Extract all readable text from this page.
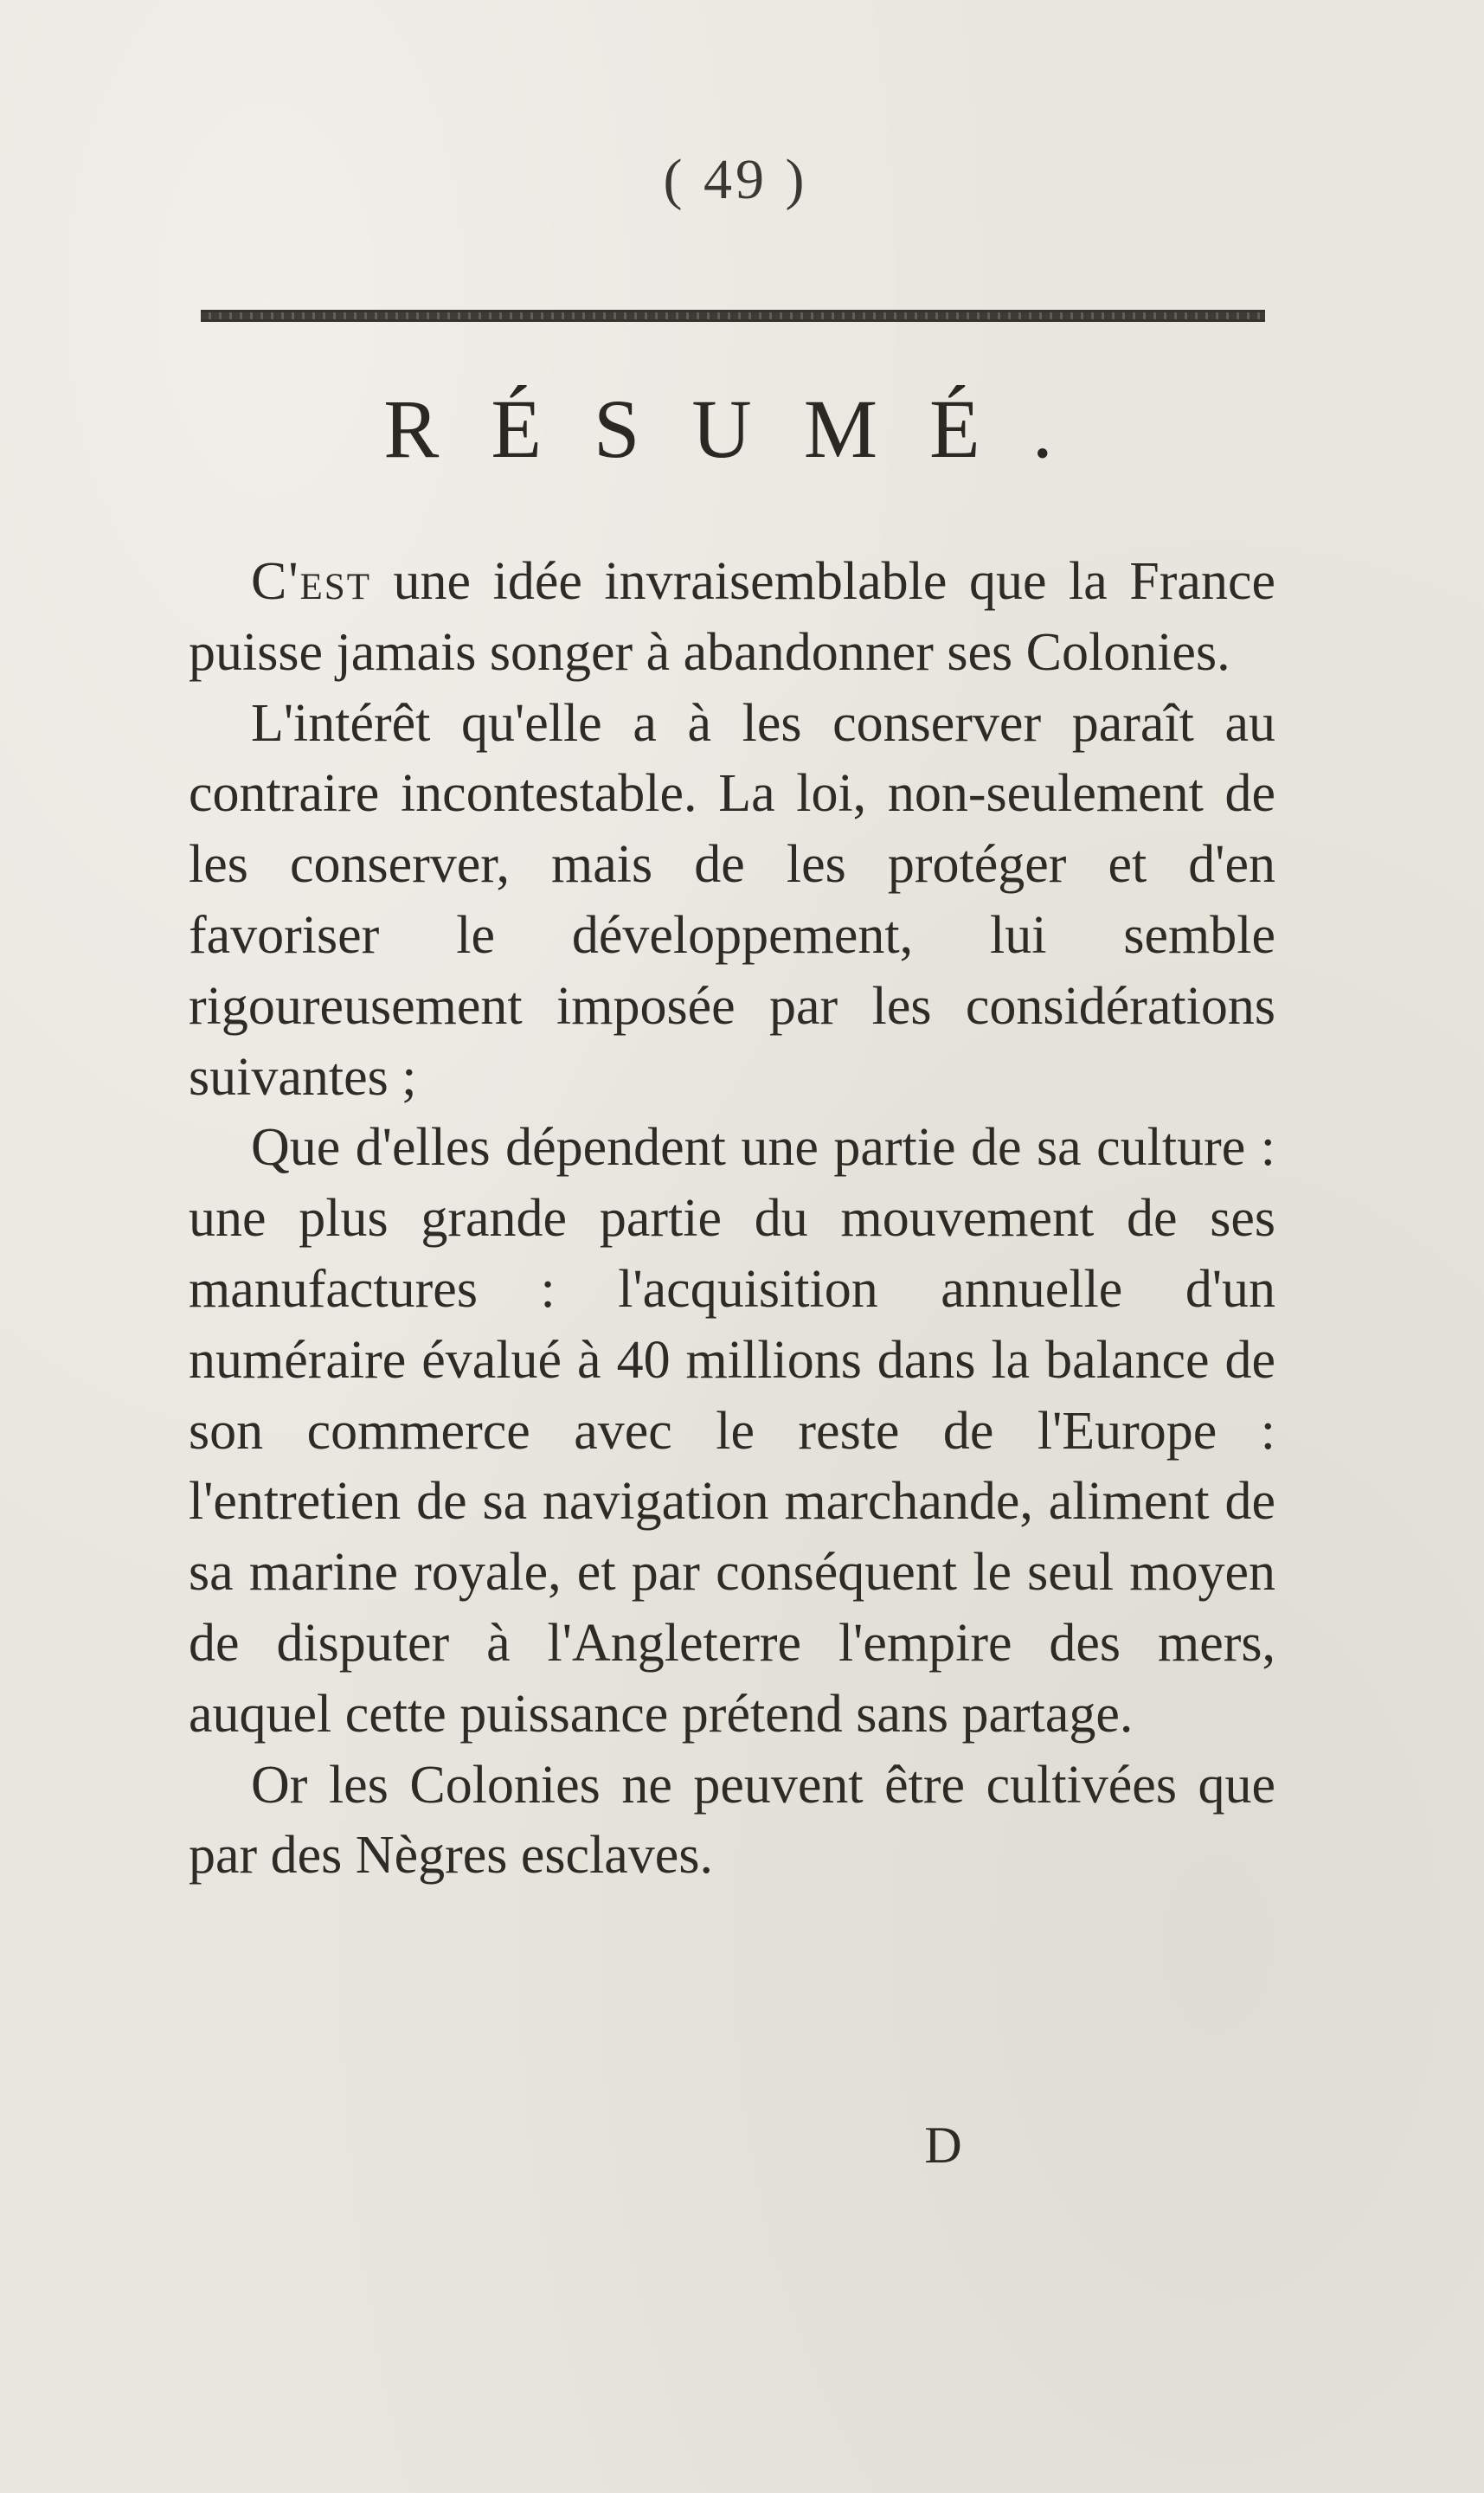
( 49 )
RÉSUMÉ.

C'est une idée invraisemblable que la France puisse jamais songer à abandonner ses Colonies.

L'intérêt qu'elle a à les conserver paraît au contraire incontestable. La loi, non-seulement de les conserver, mais de les protéger et d'en favoriser le développement, lui semble rigoureusement imposée par les considérations suivantes ;

Que d'elles dépendent une partie de sa culture : une plus grande partie du mouvement de ses manufactures : l'acquisition annuelle d'un numéraire évalué à 40 millions dans la balance de son commerce avec le reste de l'Europe : l'entretien de sa navigation marchande, aliment de sa marine royale, et par conséquent le seul moyen de disputer à l'Angleterre l'empire des mers, auquel cette puissance prétend sans partage.

Or les Colonies ne peuvent être cultivées que par des Nègres esclaves.

D
